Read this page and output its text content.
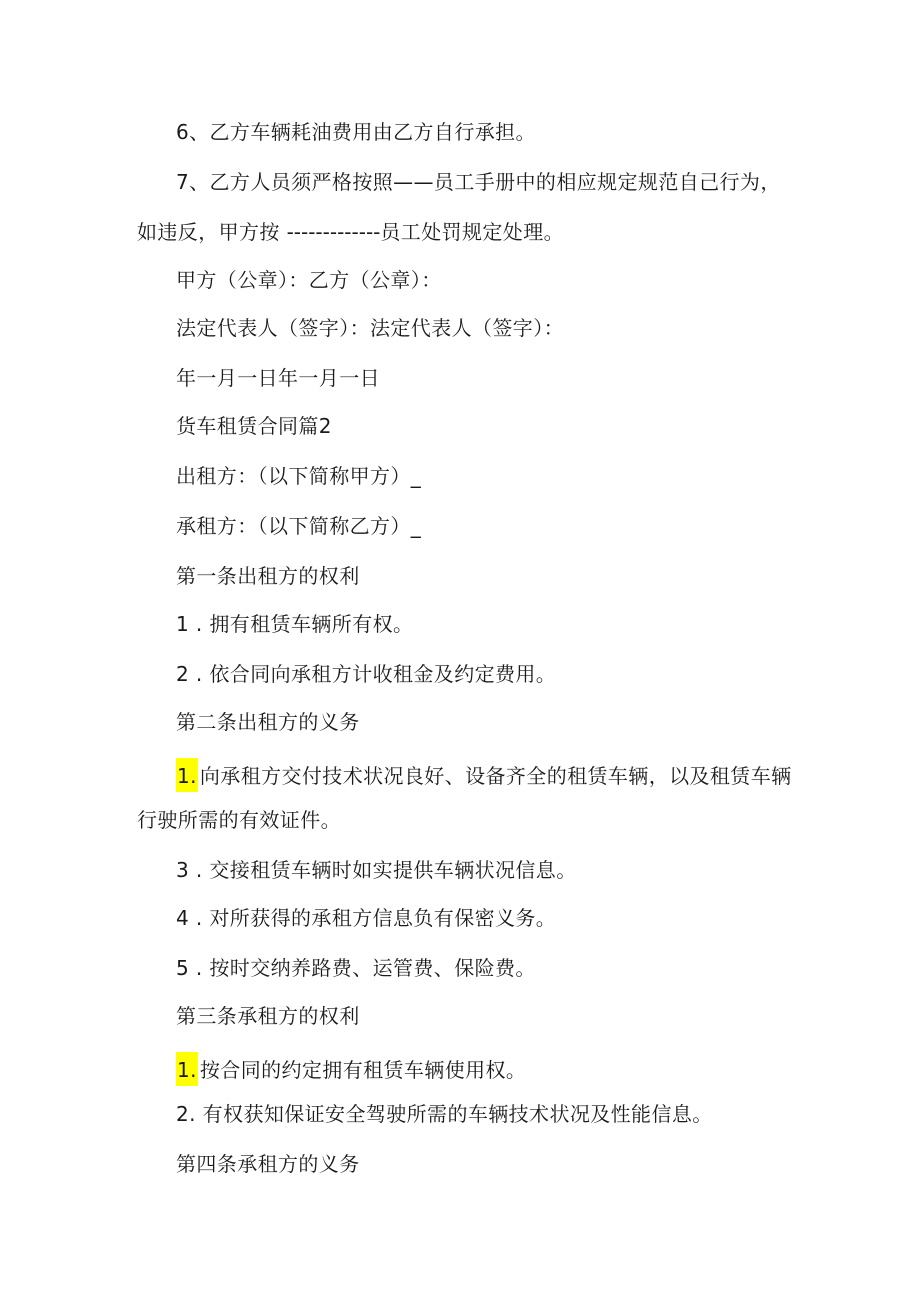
6、乙方车辆耗油费用由乙方自行承担。
7、乙方人员须严格按照——员工手册中的相应规定规范自己行为，
如违反，甲方按 -------------员工处罚规定处理。
甲方（公章）：乙方（公章）：
法定代表人（签字）：法定代表人（签字）：
年一月一日年一月一日
货车租赁合同篇2
出租方：（以下简称甲方）_
承租方：（以下简称乙方）_
第一条出租方的权利
1 . 拥有租赁车辆所有权。
2 . 依合同向承租方计收租金及约定费用。
第二条出租方的义务
1. 向承租方交付技术状况良好、设备齐全的租赁车辆，以及租赁车辆
行驶所需的有效证件。
3 . 交接租赁车辆时如实提供车辆状况信息。
4 . 对所获得的承租方信息负有保密义务。
5 . 按时交纳养路费、运管费、保险费。
第三条承租方的权利
1. 按合同的约定拥有租赁车辆使用权。
2. 有权获知保证安全驾驶所需的车辆技术状况及性能信息。
第四条承租方的义务
